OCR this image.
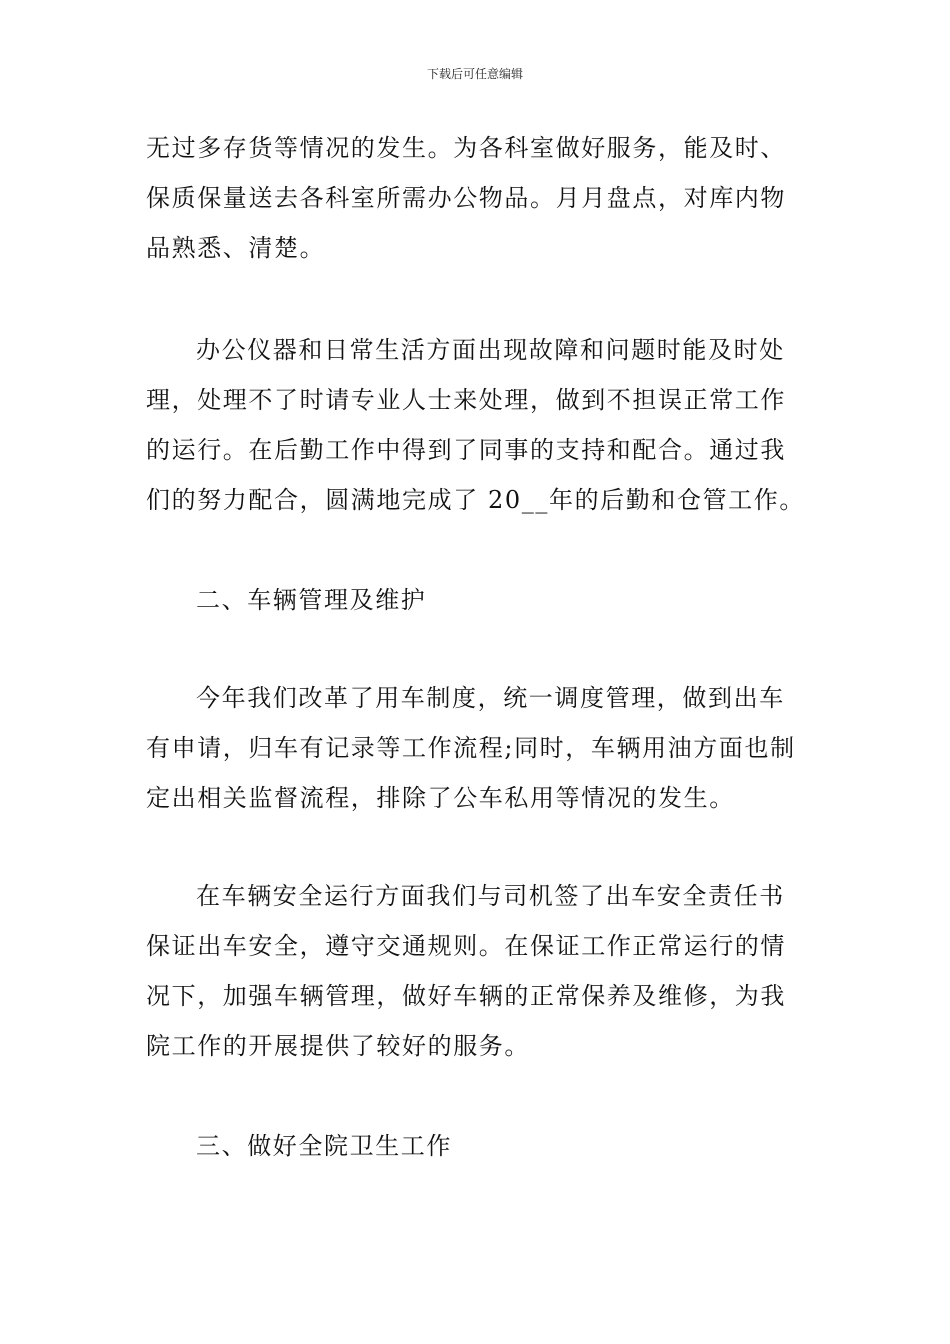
下载后可任意编辑
无过多存货等情况的发生。为各科室做好服务，能及时、
保质保量送去各科室所需办公物品。月月盘点，对库内物
品熟悉、清楚。
办公仪器和日常生活方面出现故障和问题时能及时处
理，处理不了时请专业人士来处理，做到不担误正常工作
的运行。在后勤工作中得到了同事的支持和配合。通过我
们的努力配合，圆满地完成了 20__年的后勤和仓管工作。
二、车辆管理及维护
今年我们改革了用车制度，统一调度管理，做到出车
有申请，归车有记录等工作流程;同时，车辆用油方面也制
定出相关监督流程，排除了公车私用等情况的发生。
在车辆安全运行方面我们与司机签了出车安全责任书
保证出车安全，遵守交通规则。在保证工作正常运行的情
况下，加强车辆管理，做好车辆的正常保养及维修，为我
院工作的开展提供了较好的服务。
三、做好全院卫生工作
